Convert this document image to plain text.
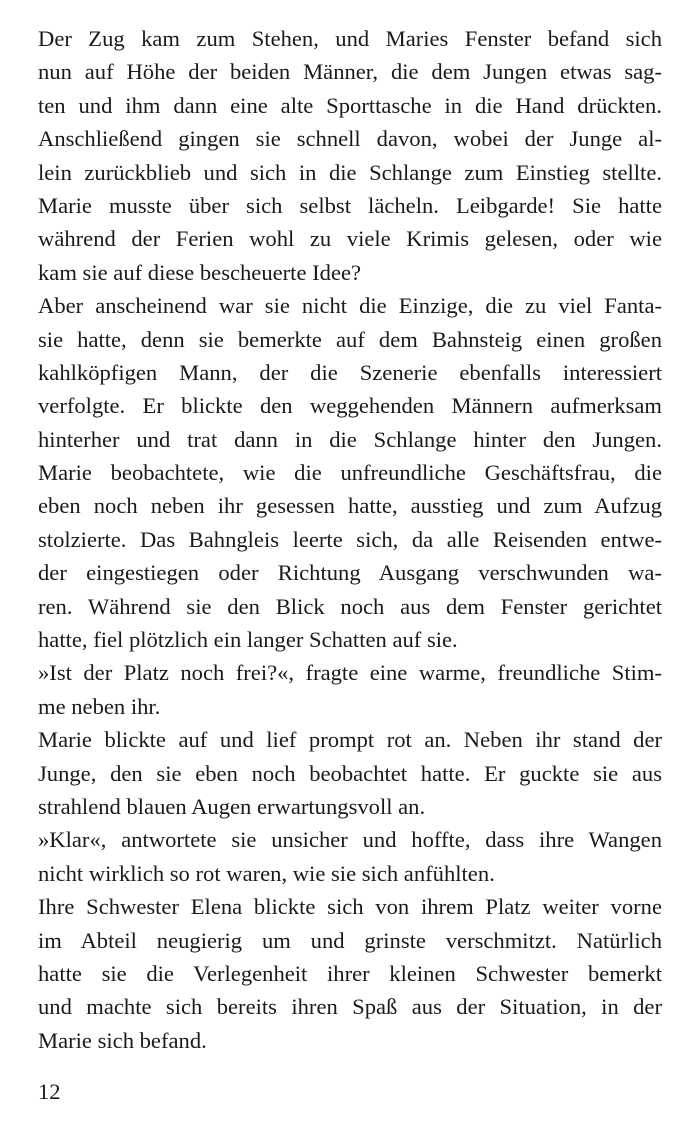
Der Zug kam zum Stehen, und Maries Fenster befand sich
nun auf Höhe der beiden Männer, die dem Jungen etwas sag-
ten und ihm dann eine alte Sporttasche in die Hand drückten.
Anschließend gingen sie schnell davon, wobei der Junge al-
lein zurückblieb und sich in die Schlange zum Einstieg stellte.
Marie musste über sich selbst lächeln. Leibgarde! Sie hatte
während der Ferien wohl zu viele Krimis gelesen, oder wie
kam sie auf diese bescheuerte Idee?
Aber anscheinend war sie nicht die Einzige, die zu viel Fanta-
sie hatte, denn sie bemerkte auf dem Bahnsteig einen großen
kahlköpfigen Mann, der die Szenerie ebenfalls interessiert
verfolgte. Er blickte den weggehenden Männern aufmerksam
hinterher und trat dann in die Schlange hinter den Jungen.
Marie beobachtete, wie die unfreundliche Geschäftsfrau, die
eben noch neben ihr gesessen hatte, ausstieg und zum Aufzug
stolzierte. Das Bahngleis leerte sich, da alle Reisenden entwe-
der eingestiegen oder Richtung Ausgang verschwunden wa-
ren. Während sie den Blick noch aus dem Fenster gerichtet
hatte, fiel plötzlich ein langer Schatten auf sie.
»Ist der Platz noch frei?«, fragte eine warme, freundliche Stim-
me neben ihr.
Marie blickte auf und lief prompt rot an. Neben ihr stand der
Junge, den sie eben noch beobachtet hatte. Er guckte sie aus
strahlend blauen Augen erwartungsvoll an.
»Klar«, antwortete sie unsicher und hoffte, dass ihre Wangen
nicht wirklich so rot waren, wie sie sich anfühlten.
Ihre Schwester Elena blickte sich von ihrem Platz weiter vorne
im Abteil neugierig um und grinste verschmitzt. Natürlich
hatte sie die Verlegenheit ihrer kleinen Schwester bemerkt
und machte sich bereits ihren Spaß aus der Situation, in der
Marie sich befand.
12
